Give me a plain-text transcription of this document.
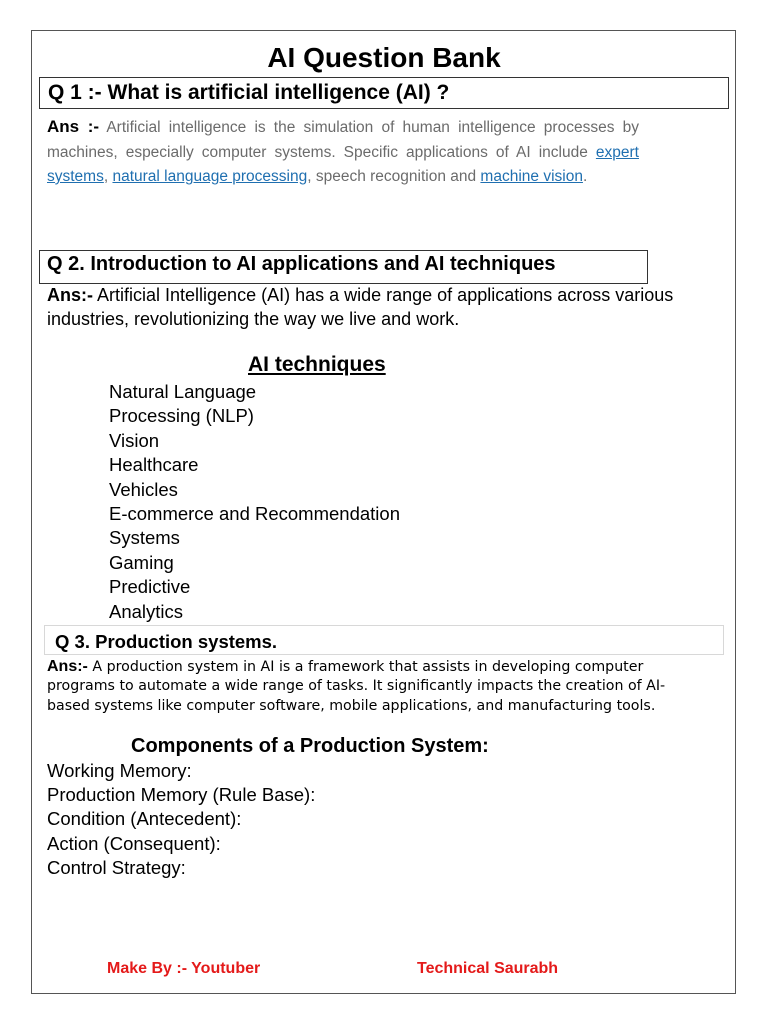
AI Question Bank
Q 1 :- What is artificial intelligence (AI) ?
Ans :- Artificial intelligence is the simulation of human intelligence processes by machines, especially computer systems. Specific applications of AI include expert systems, natural language processing, speech recognition and machine vision.
Q 2. Introduction to AI applications and AI techniques
Ans:- Artificial Intelligence (AI) has a wide range of applications across various industries, revolutionizing the way we live and work.
AI techniques
Natural Language
Processing (NLP)
Vision
Healthcare
Vehicles
E-commerce and Recommendation
Systems
Gaming
Predictive
Analytics
Q 3. Production systems.
Ans:- A production system in AI is a framework that assists in developing computer programs to automate a wide range of tasks. It significantly impacts the creation of AI-based systems like computer software, mobile applications, and manufacturing tools.
Components of a Production System:
Working Memory:
Production Memory (Rule Base):
Condition (Antecedent):
Action (Consequent):
Control Strategy:
Make By :- Youtuber	Technical Saurabh
